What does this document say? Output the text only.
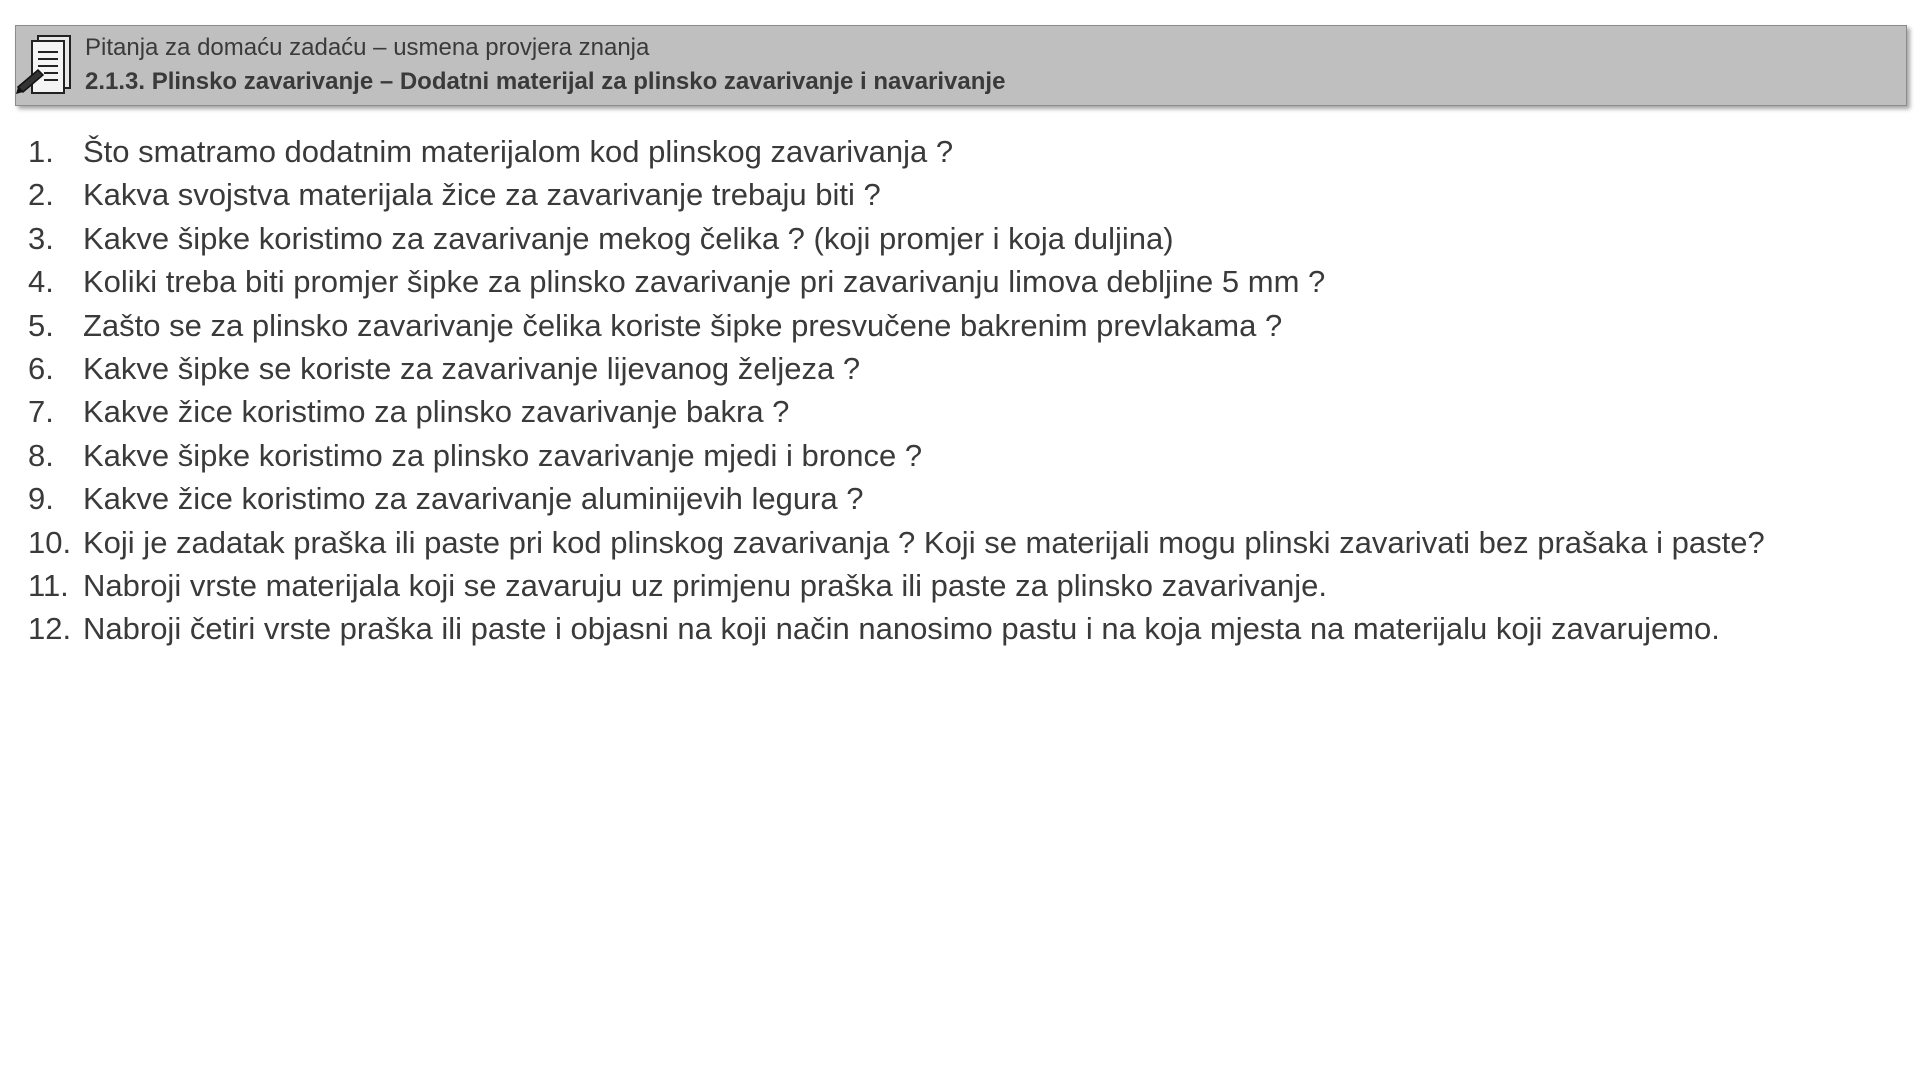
Pitanja za domaću zadaću – usmena provjera znanja
2.1.3. Plinsko zavarivanje – Dodatni materijal za plinsko zavarivanje i navarivanje
1. Što smatramo dodatnim materijalom kod plinskog zavarivanja ?
2. Kakva svojstva materijala žice za zavarivanje trebaju biti ?
3. Kakve šipke koristimo za zavarivanje mekog čelika ? (koji promjer i koja duljina)
4. Koliki treba biti promjer šipke za plinsko zavarivanje pri zavarivanju limova debljine 5 mm ?
5. Zašto se za plinsko zavarivanje čelika koriste šipke presvučene bakrenim prevlakama ?
6. Kakve šipke se koriste za zavarivanje lijevanog željeza ?
7. Kakve žice koristimo za plinsko zavarivanje bakra ?
8. Kakve šipke koristimo za plinsko zavarivanje mjedi i bronce ?
9. Kakve žice koristimo za zavarivanje aluminijevih legura ?
10. Koji je zadatak praška ili paste pri kod plinskog zavarivanja ? Koji se materijali mogu plinski zavarivati bez prašaka i paste?
11. Nabroji vrste materijala koji se zavaruju uz primjenu praška ili paste za plinsko zavarivanje.
12. Nabroji četiri vrste praška ili paste i objasni na koji način nanosimo pastu i na koja mjesta na materijalu koji zavarujemo.
